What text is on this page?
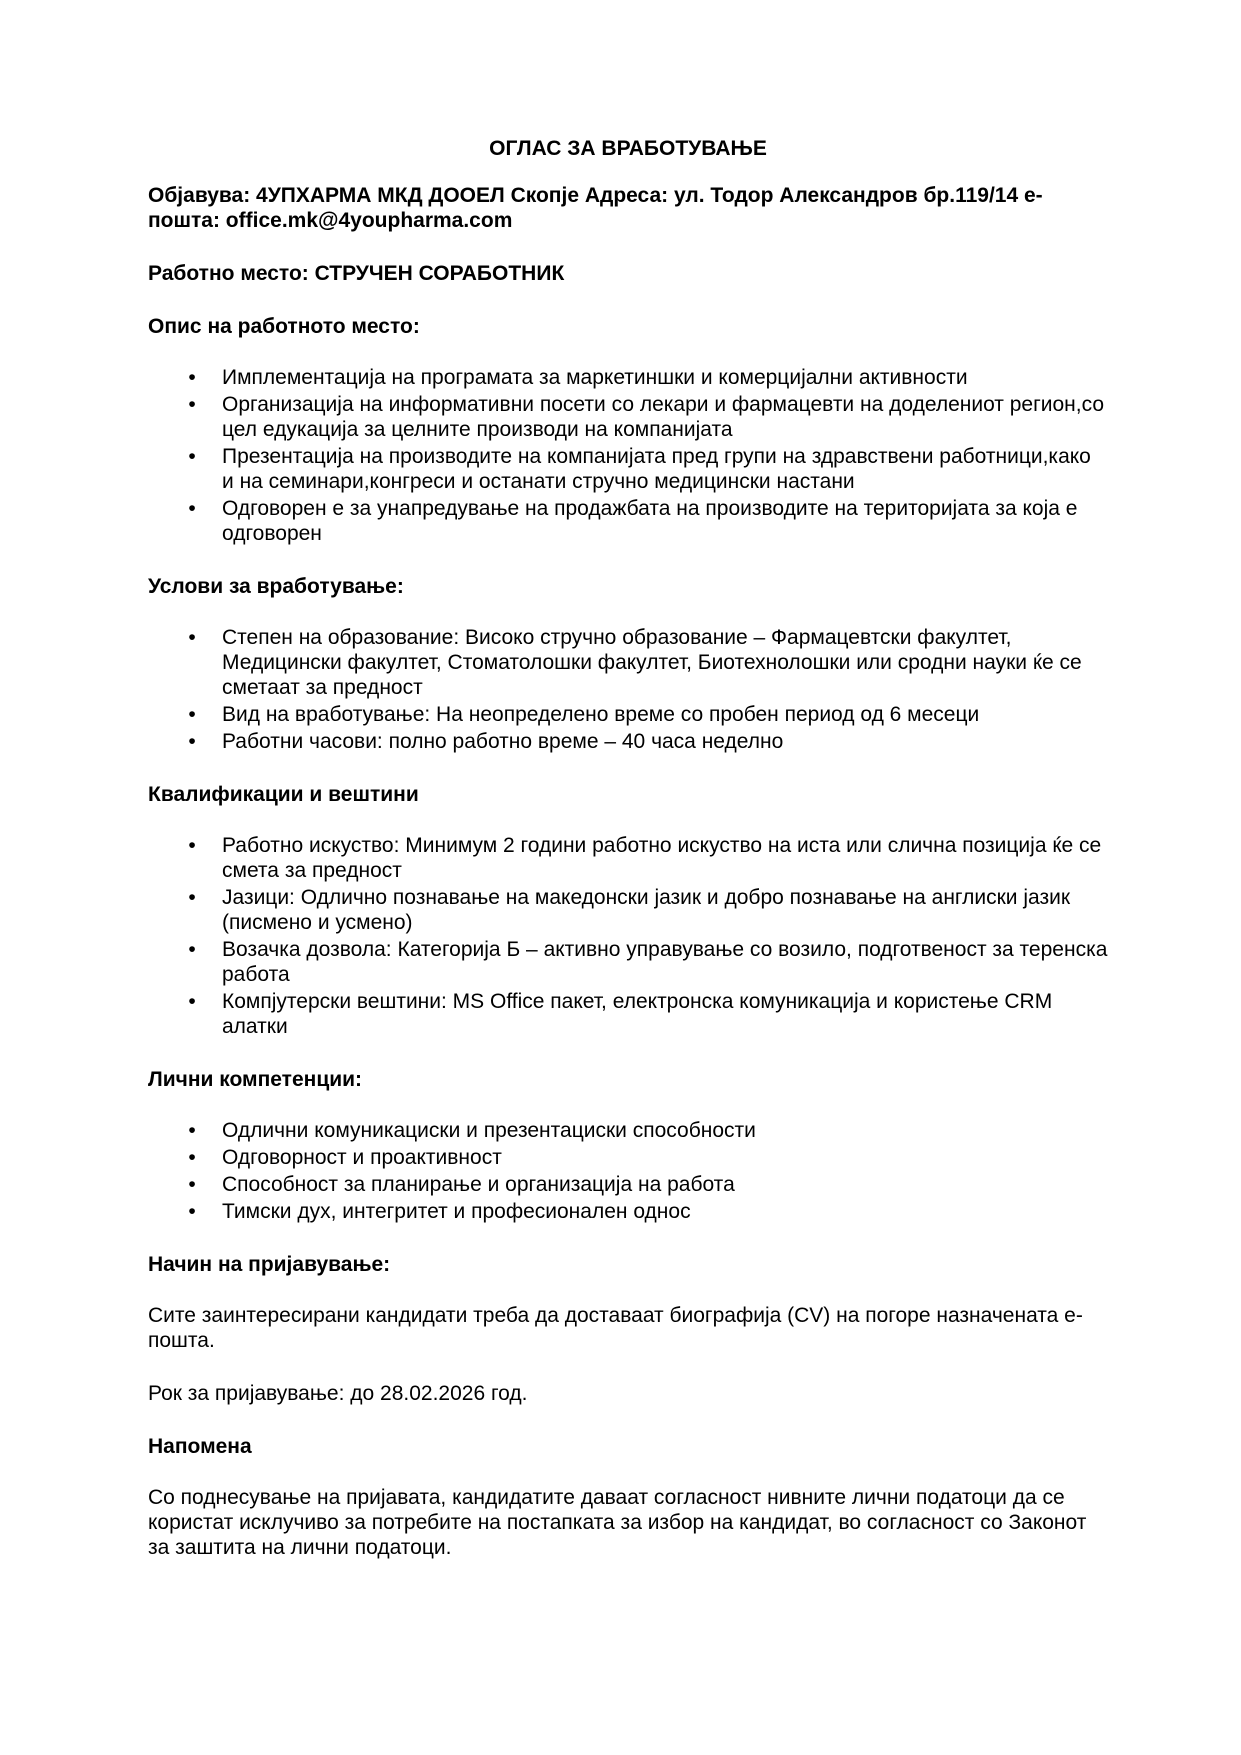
ОГЛАС ЗА ВРАБОТУВАЊЕ

Објавува: 4УПХАРМА МКД ДООЕЛ Скопје Адреса: ул. Тодор Александров бр.119/14 е-пошта: office.mk@4youpharma.com

Работно место: СТРУЧЕН СОРАБОТНИК

Опис на работното место:
• Имплементација на програмата за маркетиншки и комерцијални активности
• Организација на информативни посети со лекари и фармацевти на доделениот регион,со цел едукација за целните производи на компанијата
• Презентација на производите на компанијата пред групи на здравствени работници,како и на семинари,конгреси и останати стручно медицински настани
• Одговорен е за унапредување на продажбата на производите на територијата за која е одговорен
Услови за вработување:
• Степен на образование: Високо стручно образование – Фармацевтски факултет, Медицински факултет, Стоматолошки факултет, Биотехнолошки или сродни науки ќе се сметаат за предност
• Вид на вработување: На неопределено време со пробен период од 6 месеци
• Работни часови: полно работно време – 40 часа неделно
Квалификации и вештини
• Работно искуство: Минимум 2 години работно искуство на иста или слична позиција ќе се смета за предност
• Јазици: Одлично познавање на македонски јазик и добро познавање на англиски јазик (писмено и усмено)
• Возачка дозвола: Категорија Б – активно управување со возило, подготвеност за теренска работа
• Компјутерски вештини: MS Office пакет, електронска комуникација и користење CRM алатки
Лични компетенции:
• Одлични комуникациски и презентациски способности
• Одговорност и проактивност
• Способност за планирање и организација на работа
• Тимски дух, интегритет и професионален однос
Начин на пријавување:

Сите заинтересирани кандидати треба да доставаат биографија (CV) на погоре назначената е- пошта.

Рок за пријавување: до 28.02.2026 год.

Напомена

Со поднесување на пријавата, кандидатите даваат согласност нивните лични податоци да се користат исклучиво за потребите на постапката за избор на кандидат, во согласност со Законот за заштита на лични податоци.
